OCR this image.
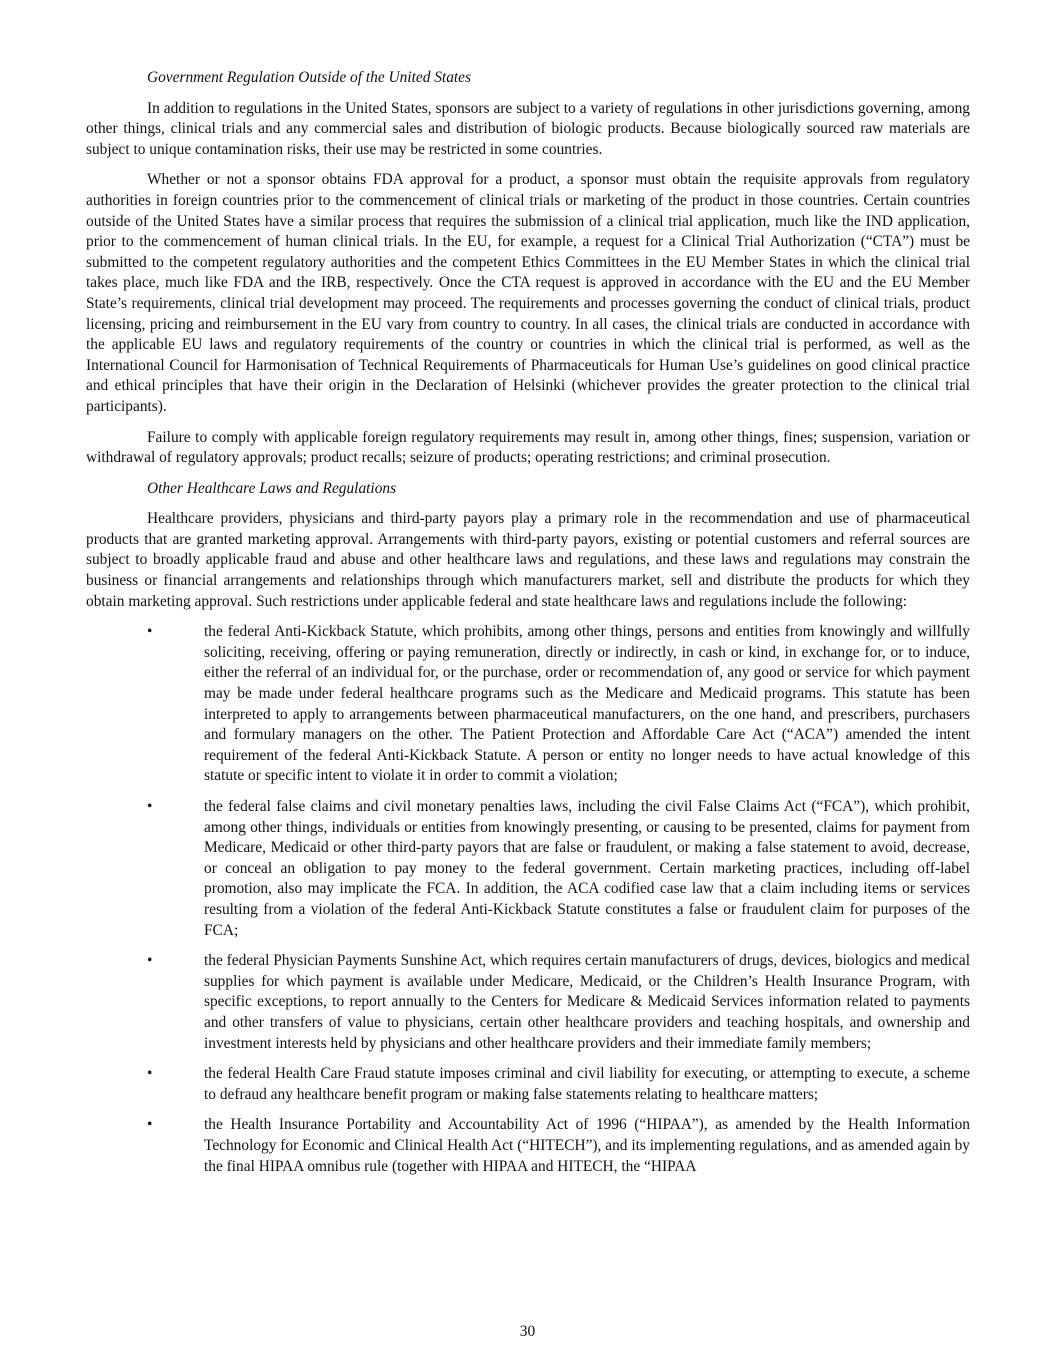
Government Regulation Outside of the United States

In addition to regulations in the United States, sponsors are subject to a variety of regulations in other jurisdictions governing, among other things, clinical trials and any commercial sales and distribution of biologic products. Because biologically sourced raw materials are subject to unique contamination risks, their use may be restricted in some countries.

Whether or not a sponsor obtains FDA approval for a product, a sponsor must obtain the requisite approvals from regulatory authorities in foreign countries prior to the commencement of clinical trials or marketing of the product in those countries. Certain countries outside of the United States have a similar process that requires the submission of a clinical trial application, much like the IND application, prior to the commencement of human clinical trials. In the EU, for example, a request for a Clinical Trial Authorization (“CTA”) must be submitted to the competent regulatory authorities and the competent Ethics Committees in the EU Member States in which the clinical trial takes place, much like FDA and the IRB, respectively. Once the CTA request is approved in accordance with the EU and the EU Member State’s requirements, clinical trial development may proceed. The requirements and processes governing the conduct of clinical trials, product licensing, pricing and reimbursement in the EU vary from country to country. In all cases, the clinical trials are conducted in accordance with the applicable EU laws and regulatory requirements of the country or countries in which the clinical trial is performed, as well as the International Council for Harmonisation of Technical Requirements of Pharmaceuticals for Human Use’s guidelines on good clinical practice and ethical principles that have their origin in the Declaration of Helsinki (whichever provides the greater protection to the clinical trial participants).

Failure to comply with applicable foreign regulatory requirements may result in, among other things, fines; suspension, variation or withdrawal of regulatory approvals; product recalls; seizure of products; operating restrictions; and criminal prosecution.

Other Healthcare Laws and Regulations

Healthcare providers, physicians and third-party payors play a primary role in the recommendation and use of pharmaceutical products that are granted marketing approval. Arrangements with third-party payors, existing or potential customers and referral sources are subject to broadly applicable fraud and abuse and other healthcare laws and regulations, and these laws and regulations may constrain the business or financial arrangements and relationships through which manufacturers market, sell and distribute the products for which they obtain marketing approval. Such restrictions under applicable federal and state healthcare laws and regulations include the following:

•	the federal Anti-Kickback Statute, which prohibits, among other things, persons and entities from knowingly and willfully soliciting, receiving, offering or paying remuneration, directly or indirectly, in cash or kind, in exchange for, or to induce, either the referral of an individual for, or the purchase, order or recommendation of, any good or service for which payment may be made under federal healthcare programs such as the Medicare and Medicaid programs. This statute has been interpreted to apply to arrangements between pharmaceutical manufacturers, on the one hand, and prescribers, purchasers and formulary managers on the other. The Patient Protection and Affordable Care Act (“ACA”) amended the intent requirement of the federal Anti-Kickback Statute. A person or entity no longer needs to have actual knowledge of this statute or specific intent to violate it in order to commit a violation;
•	the federal false claims and civil monetary penalties laws, including the civil False Claims Act (“FCA”), which prohibit, among other things, individuals or entities from knowingly presenting, or causing to be presented, claims for payment from Medicare, Medicaid or other third-party payors that are false or fraudulent, or making a false statement to avoid, decrease, or conceal an obligation to pay money to the federal government. Certain marketing practices, including off-label promotion, also may implicate the FCA. In addition, the ACA codified case law that a claim including items or services resulting from a violation of the federal Anti-Kickback Statute constitutes a false or fraudulent claim for purposes of the FCA;
•	the federal Physician Payments Sunshine Act, which requires certain manufacturers of drugs, devices, biologics and medical supplies for which payment is available under Medicare, Medicaid, or the Children’s Health Insurance Program, with specific exceptions, to report annually to the Centers for Medicare & Medicaid Services information related to payments and other transfers of value to physicians, certain other healthcare providers and teaching hospitals, and ownership and investment interests held by physicians and other healthcare providers and their immediate family members;
•	the federal Health Care Fraud statute imposes criminal and civil liability for executing, or attempting to execute, a scheme to defraud any healthcare benefit program or making false statements relating to healthcare matters;
•	the Health Insurance Portability and Accountability Act of 1996 (“HIPAA”), as amended by the Health Information Technology for Economic and Clinical Health Act (“HITECH”), and its implementing regulations, and as amended again by the final HIPAA omnibus rule (together with HIPAA and HITECH, the “HIPAA
30
